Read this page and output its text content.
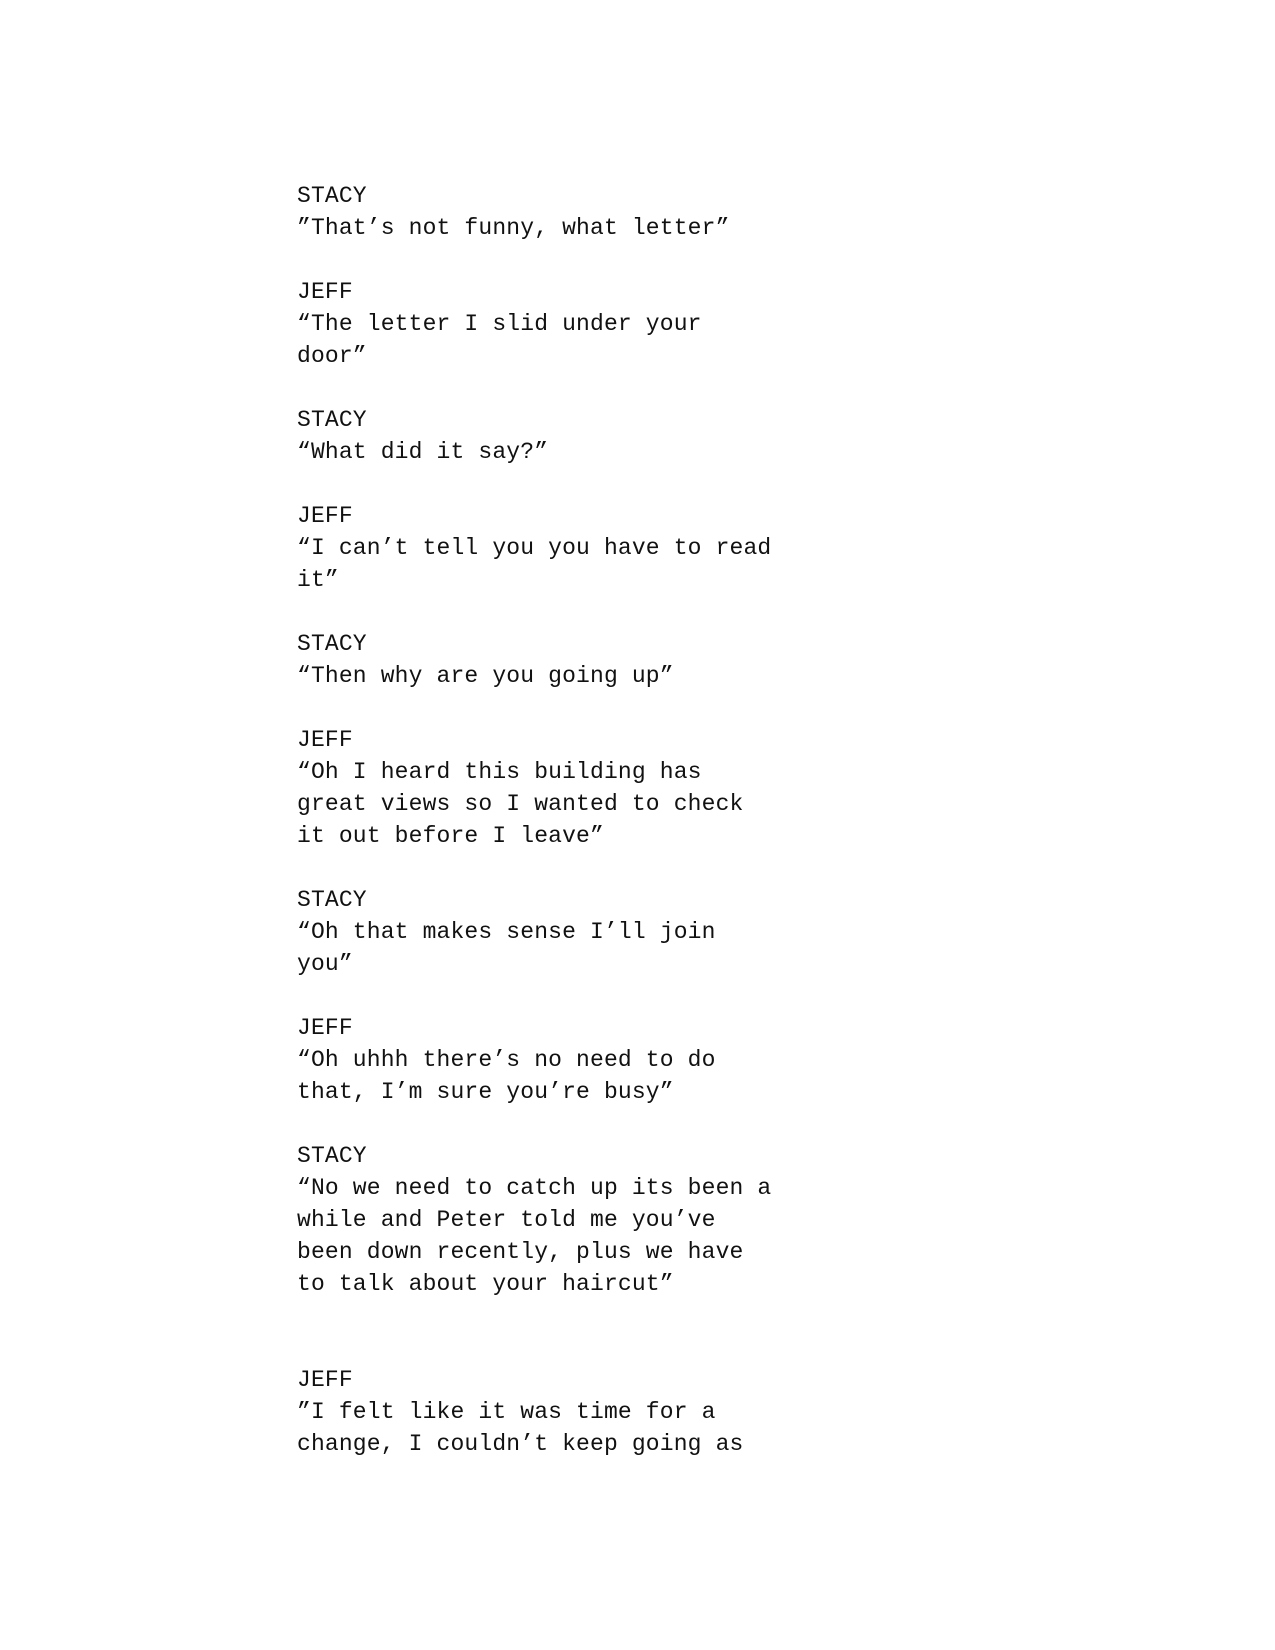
STACY
”That’s not funny, what letter”
JEFF
“The letter I slid under your
door”
STACY
“What did it say?”
JEFF
“I can’t tell you you have to read
it”
STACY
“Then why are you going up”
JEFF
“Oh I heard this building has
great views so I wanted to check
it out before I leave”
STACY
“Oh that makes sense I’ll join
you”
JEFF
“Oh uhhh there’s no need to do
that, I’m sure you’re busy”
STACY
“No we need to catch up its been a
while and Peter told me you’ve
been down recently, plus we have
to talk about your haircut”
JEFF
”I felt like it was time for a
change, I couldn’t keep going as
